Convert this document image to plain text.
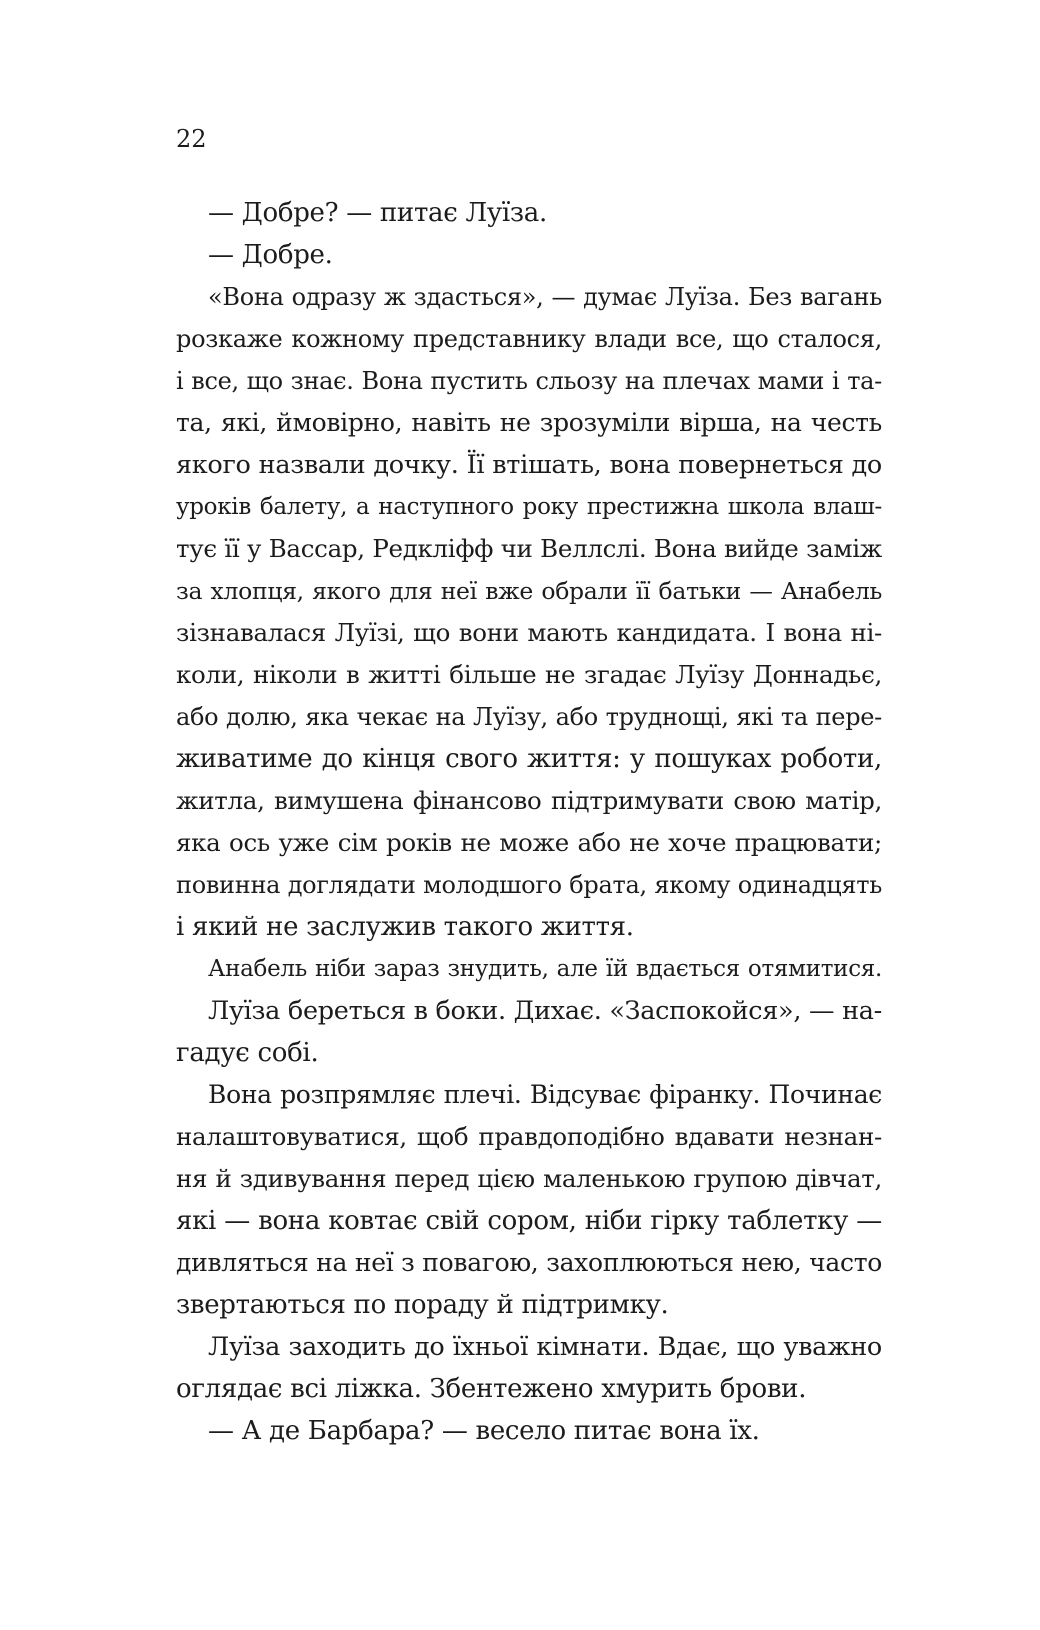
22
— Добре? — питає Луїза.
— Добре.
«Вона одразу ж здасться», — думає Луїза. Без вагань
розкаже кожному представнику влади все, що сталося,
і все, що знає. Вона пустить сльозу на плечах мами і та-
та, які, ймовірно, навіть не зрозуміли вірша, на честь
якого назвали дочку. Її втішать, вона повернеться до
уроків балету, а наступного року престижна школа влаш-
тує її у Вассар, Редкліфф чи Веллслі. Вона вийде заміж
за хлопця, якого для неї вже обрали її батьки — Анабель
зізнавалася Луїзі, що вони мають кандидата. І вона ні-
коли, ніколи в житті більше не згадає Луїзу Доннадьє,
або долю, яка чекає на Луїзу, або труднощі, які та пере-
живатиме до кінця свого життя: у пошуках роботи,
житла, вимушена фінансово підтримувати свою матір,
яка ось уже сім років не може або не хоче працювати;
повинна доглядати молодшого брата, якому одинадцять
і який не заслужив такого життя.
Анабель ніби зараз знудить, але їй вдається отямитися.
Луїза береться в боки. Дихає. «Заспокойся», — на-
гадує собі.
Вона розпрямляє плечі. Відсуває фіранку. Починає
налаштовуватися, щоб правдоподібно вдавати незнан-
ня й здивування перед цією маленькою групою дівчат,
які — вона ковтає свій сором, ніби гірку таблетку —
дивляться на неї з повагою, захоплюються нею, часто
звертаються по пораду й підтримку.
Луїза заходить до їхньої кімнати. Вдає, що уважно
оглядає всі ліжка. Збентежено хмурить брови.
— А де Барбара? — весело питає вона їх.
